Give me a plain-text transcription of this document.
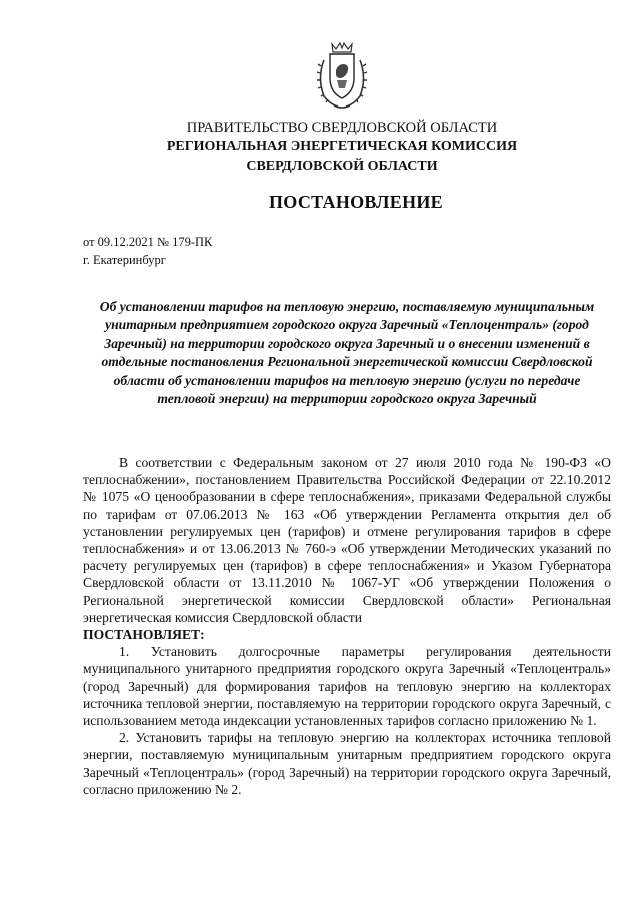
ПРАВИТЕЛЬСТВО СВЕРДЛОВСКОЙ ОБЛАСТИ
РЕГИОНАЛЬНАЯ ЭНЕРГЕТИЧЕСКАЯ КОМИССИЯ
СВЕРДЛОВСКОЙ ОБЛАСТИ
ПОСТАНОВЛЕНИЕ
от 09.12.2021 № 179-ПК
г. Екатеринбург
Об установлении тарифов на тепловую энергию, поставляемую муниципальным унитарным предприятием городского округа Заречный «Теплоцентраль» (город Заречный) на территории городского округа Заречный и о внесении изменений в отдельные постановления Региональной энергетической комиссии Свердловской области об установлении тарифов на тепловую энергию (услуги по передаче тепловой энергии) на территории городского округа Заречный

В соответствии с Федеральным законом от 27 июля 2010 года № 190-ФЗ «О теплоснабжении», постановлением Правительства Российской Федерации от 22.10.2012 № 1075 «О ценообразовании в сфере теплоснабжения», приказами Федеральной службы по тарифам от 07.06.2013 № 163 «Об утверждении Регламента открытия дел об установлении регулируемых цен (тарифов) и отмене регулирования тарифов в сфере теплоснабжения» и от 13.06.2013 № 760-э «Об утверждении Методических указаний по расчету регулируемых цен (тарифов) в сфере теплоснабжения» и Указом Губернатора Свердловской области от 13.11.2010 № 1067-УГ «Об утверждении Положения о Региональной энергетической комиссии Свердловской области» Региональная энергетическая комиссия Свердловской области

ПОСТАНОВЛЯЕТ:

1. Установить долгосрочные параметры регулирования деятельности муниципального унитарного предприятия городского округа Заречный «Теплоцентраль» (город Заречный) для формирования тарифов на тепловую энергию на коллекторах источника тепловой энергии, поставляемую на территории городского округа Заречный, с использованием метода индексации установленных тарифов согласно приложению № 1.

2. Установить тарифы на тепловую энергию на коллекторах источника тепловой энергии, поставляемую муниципальным унитарным предприятием городского округа Заречный «Теплоцентраль» (город Заречный) на территории городского округа Заречный, согласно приложению № 2.
